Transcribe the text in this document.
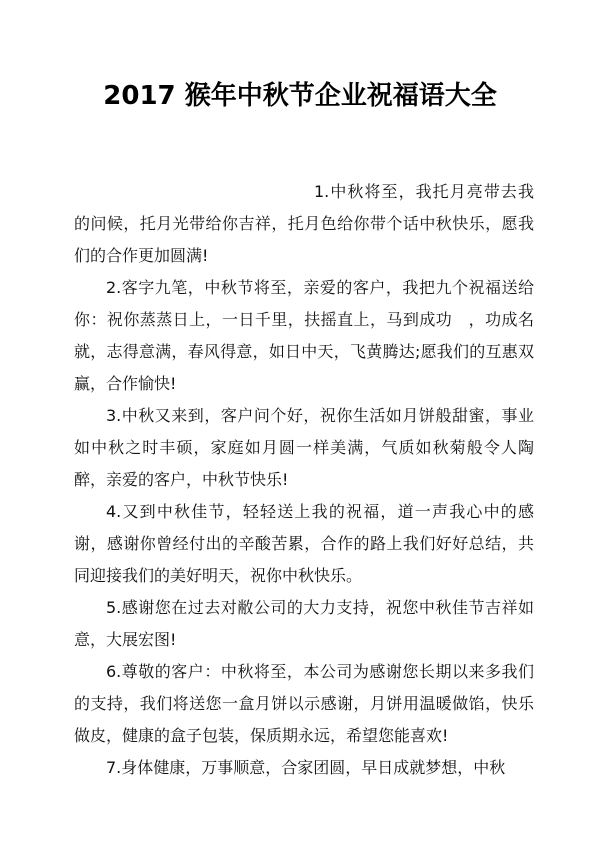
2017 猴年中秋节企业祝福语大全

1.中秋将至，我托月亮带去我的问候，托月光带给你吉祥，托月色给你带个话中秋快乐，愿我们的合作更加圆满!

2.客字九笔，中秋节将至，亲爱的客户，我把九个祝福送给你：祝你蒸蒸日上，一日千里，扶摇直上，马到成功　，功成名就，志得意满，春风得意，如日中天，飞黄腾达;愿我们的互惠双赢，合作愉快!

3.中秋又来到，客户问个好，祝你生活如月饼般甜蜜，事业如中秋之时丰硕，家庭如月圆一样美满，气质如秋菊般令人陶醉，亲爱的客户，中秋节快乐!

4.又到中秋佳节，轻轻送上我的祝福，道一声我心中的感谢，感谢你曾经付出的辛酸苦累，合作的路上我们好好总结，共同迎接我们的美好明天，祝你中秋快乐。

5.感谢您在过去对敝公司的大力支持，祝您中秋佳节吉祥如意，大展宏图!

6.尊敬的客户：中秋将至，本公司为感谢您长期以来多我们的支持，我们将送您一盒月饼以示感谢，月饼用温暖做馅，快乐做皮，健康的盒子包装，保质期永远，希望您能喜欢!

7.身体健康，万事顺意，合家团圆，早日成就梦想，中秋
